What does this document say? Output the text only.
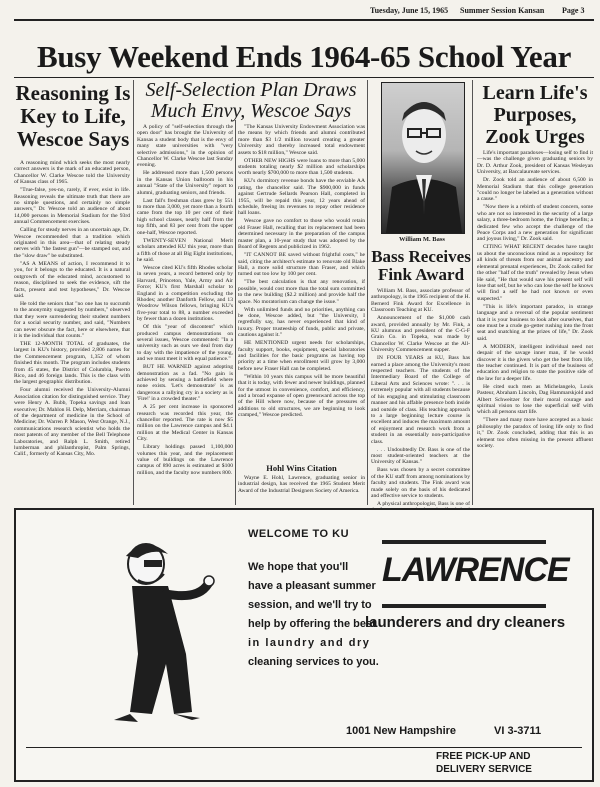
Tuesday, June 15, 1965 Summer Session Kansan Page 3
Busy Weekend Ends 1964-65 School Year
Reasoning Is Key to Life, Wescoe Says

A reasoning mind which seeks the most nearly correct answers is the mark of an educated person, Chancellor W. Clarke Wescoe told the University of Kansas class of 1965.

"True-false, yes-no, rarely, if ever, exist in life. Reasoning reveals the ultimate truth that there are no simple questions, and certainly no simple answers," Dr. Wescoe told an audience of about 14,000 persons in Memorial Stadium for the 93rd annual Commencement exercises.

Calling for steady nerves in an uncertain age, Dr. Wescoe recommended that a tradition which originated in this area—that of relating steady nerves with "the fastest gun"—be stamped out, and the "slow draw" be substituted.

"AS A MEANS of action, I recommend it to you, for it belongs to the educated. It is a natural outgrowth of the educated mind, accustomed to reason, disciplined to seek the evidence, sift the facts, present and test hypotheses," Dr. Wescoe said.

He told the seniors that "no one has to succumb to the anonymity suggested by numbers," observed that they were surrendering their student numbers for a social security number, and said, "Numbers can never obscure the fact, here or elsewhere, that it is the individual that counts."

THE 12-MONTH TOTAL of graduates, the largest in KU's history, provided 2,806 names for the Commencement program, 1,352 of whom finished this month. The program includes students from 45 states, the District of Columbia, Puerto Rico, and 46 foreign lands. This is the class with the largest geographic distribution.

Four alumni received the University-Alumni Association citation for distinguished service. They were Henry A. Bubb, Topeka savings and loan executive; Dr. Mahlon H. Delp, Merriam, chairman of the department of medicine in the School of Medicine; Dr. Warren P. Mason, West Orange, N.J., communications research scientist who holds the most patents of any member of the Bell Telephone Laboratories, and Ralph L. Smith, retired lumberman and philanthropist, Palm Springs, Calif., formerly of Kansas City, Mo.

Self-Selection Plan Draws Much Envy, Wescoe Says

A policy of "self-selection through the open door" has brought the University of Kansas a student body that is the envy of many state universities with "very selective admissions," in the opinion of Chancellor W. Clarke Wescoe last Sunday evening.

He addressed more than 1,500 persons in the Kansas Union ballroom in his annual "State of the University" report to alumni, graduating seniors, and friends.

Last fall's freshman class grew by 551 to more than 3,000, yet more than a fourth came from the top 10 per cent of their high school classes, nearly half from the top fifth, and 83 per cent from the upper one-half, Wescoe reported.

TWENTY-SEVEN National Merit scholars attended KU this year, more than a fifth of those at all Big Eight institutions, he said.

Wescoe cited KU's fifth Rhodes scholar in seven years, a record bettered only by Harvard, Princeton, Yale, Army and Air Force; KU's first Marshall scholar to England in a competition excluding the Rhodes; another Danforth Fellow, and 13 Woodrow Wilson fellows, bringing KU's five-year total to 88, a number exceeded by fewer than a dozen institutions.

Of this "year of discontent" which produced campus demonstrations on several issues, Wescoe commented: "In a university such as ours we deal from day to day with the impatience of the young, and we must meet it with equal patience."

BUT HE WARNED against adopting demonstration as a fad. "No gain is achieved by sensing a battlefield where none exists. 'Let's demonstrate' is as dangerous a rallying cry in a society as is 'Fire!' in a crowded theater."

A 25 per cent increase in sponsored research was recorded this year, the chancellor reported. The rate is now $5 million on the Lawrence campus and $4.1 million at the Medical Center in Kansas City.

Library holdings passed 1,100,000 volumes this year, and the replacement value of buildings on the Lawrence campus of 890 acres is estimated at $100 million, and the faculty now numbers 800.

"The Kansas University Endowment Association was the means by which friends and alumni contributed more than $3 1/2 million toward creating a greater University and thereby increased total endowment assets to $18 million," Wescoe said.

OTHER NEW HIGHS were loans to more than 5,000 students totaling nearly $2 million and scholarships worth nearly $700,000 to more than 1,500 students.

KU's dormitory revenue bonds have the enviable AA rating, the chancellor said. The $900,000 in funds against Gertrude Sellards Pearson Hall, completed in 1955, will be repaid this year, 12 years ahead of schedule, freeing its revenues to repay other residence hall loans.

Wescoe gave no comfort to those who would retain old Fraser Hall, recalling that its replacement had been determined necessary in the preparation of the campus master plan, a 10-year study that was adopted by the Board of Regents and publicized in 1962.

"IT CANNOT BE saved without frightful costs," he said, citing the architect's estimate to renovate old Blake Hall, a more solid structure than Fraser, and which turned out too low by 100 per cent.

"The best calculation is that any renovation, if possible, would cost more than the total sum committed to the new building ($2.2 million) and provide half the space. No moratorium can change the issue."

With unlimited funds and no priorities, anything can be done, Wescoe added, but "the University, I regretfully say, has never experienced that kind of luxury. Proper trusteeship of funds, public and private, cautions against it."

HE MENTIONED urgent needs for scholarships, faculty support, books, equipment, special laboratories and facilities for the basic programs as having top priority at a time when enrollment will grow by 3,000 before new Fraser Hall can be completed.

"Within 10 years this campus will be more beautiful that it is today, with fewer and newer buildings, planned for the utmost in convenience, comfort, and efficiency, and a broad expanse of open greensward across the top of the Hill where now, because of the pressures of additions to old structures, we are beginning to look cramped," Wescoe predicted.

Hohl Wins Citation

Wayne E. Hohl, Lawrence, graduating senior in industrial design, has received the 1965 Student Merit Award of the Industrial Designers Society of America.

William M. Bass
Bass Receives Fink Award

William M. Bass, associate professor of anthropology, is the 1965 recipient of the H. Bernerd Fink Award for Excellence in Classroom Teaching at KU.

Announcement of the $1,000 cash award, provided annually by Mr. Fink, a KU alumnus and president of the C-G-F Grain Co. in Topeka, was made by Chancellor W. Clarke Wescoe at the All-University Commencement supper.

IN FOUR YEARS at KU, Bass has earned a place among the University's most respected teachers. The students of the Intermediary Board of the College of Liberal Arts and Sciences wrote: ". . . is extremely popular with all students because of his engaging and stimulating classroom manner and his affable presence both inside and outside of class. His teaching approach to a large beginning lecture course is excellent and induces the maximum amount of enjoyment and research work from a student in an essentially non-participative class.

. . . Undoubtedly Dr. Bass is one of the most student-oriented teachers at the University of Kansas."

Bass was chosen by a secret committee of the KU staff from among nominations by faculty and students. The Fink award was made solely on the basis of his dedicated and effective service to students.

A physical anthropologist, Bass is one of

Learn Life's Purposes, Zook Urges

Life's important paradoxes—losing self to find it—was the challenge given graduating seniors by Dr. D. Arthur Zook, president of Kansas Wesleyan University, at Baccalaureate services.

Dr. Zook told an audience of about 6,500 in Memorial Stadium that this college generation "could no longer be labeled as a generation without a cause."

"Now there is a rebirth of student concern, some who are not so interested in the security of a large salary, a three-bedroom home, the fringe benefits; a dedicated few who accept the challenge of the Peace Corps and a new generation for significant and joyous living," Dr. Zook said.

CITING WHAT RECENT decades have taught us about the unconscious mind as a repository for all kinds of threats from our animal ancestry and elemental prenatal experiences, Dr. Zook called for the other "half of the truth" revealed by Jesus when He said, "He that would save his present self will lose that self, but he who can lose the self he knows will find a self he had not known or even suspected."

"This is life's important paradox, in strange language and a reversal of the popular sentiment that it is your business to look after ourselves, that one must be a crude go-getter rushing into the front seat and snatching at the prizes of life," Dr. Zook said.

A MODERN, intelligent individual need not despair of the savage inner man, if he would discover it is the givers who get the best from life, the teacher continued. It is part of the business of education and religion to state the positive side of the law for a deeper life.

He cited such men as Michelangelo, Louis Pasteur, Abraham Lincoln, Dag Hammarskjold and Albert Schweitzer for their moral courage and spiritual vision to lose the superficial self with which all persons start life.

"There and many more have accepted as a basic philosophy the paradox of losing life only to find it," Dr. Zook concluded, adding that this is an element too often missing in the present affluent society.

WELCOME TO KU
We hope that you'll
have a pleasant summer
session, and we'll try to
help by offering the best
in laundry and dry
cleaning services to you.
LAWRENCE
launderers and dry cleaners
1001 New Hampshire	VI 3-3711
FREE PICK-UP AND
DELIVERY SERVICE
